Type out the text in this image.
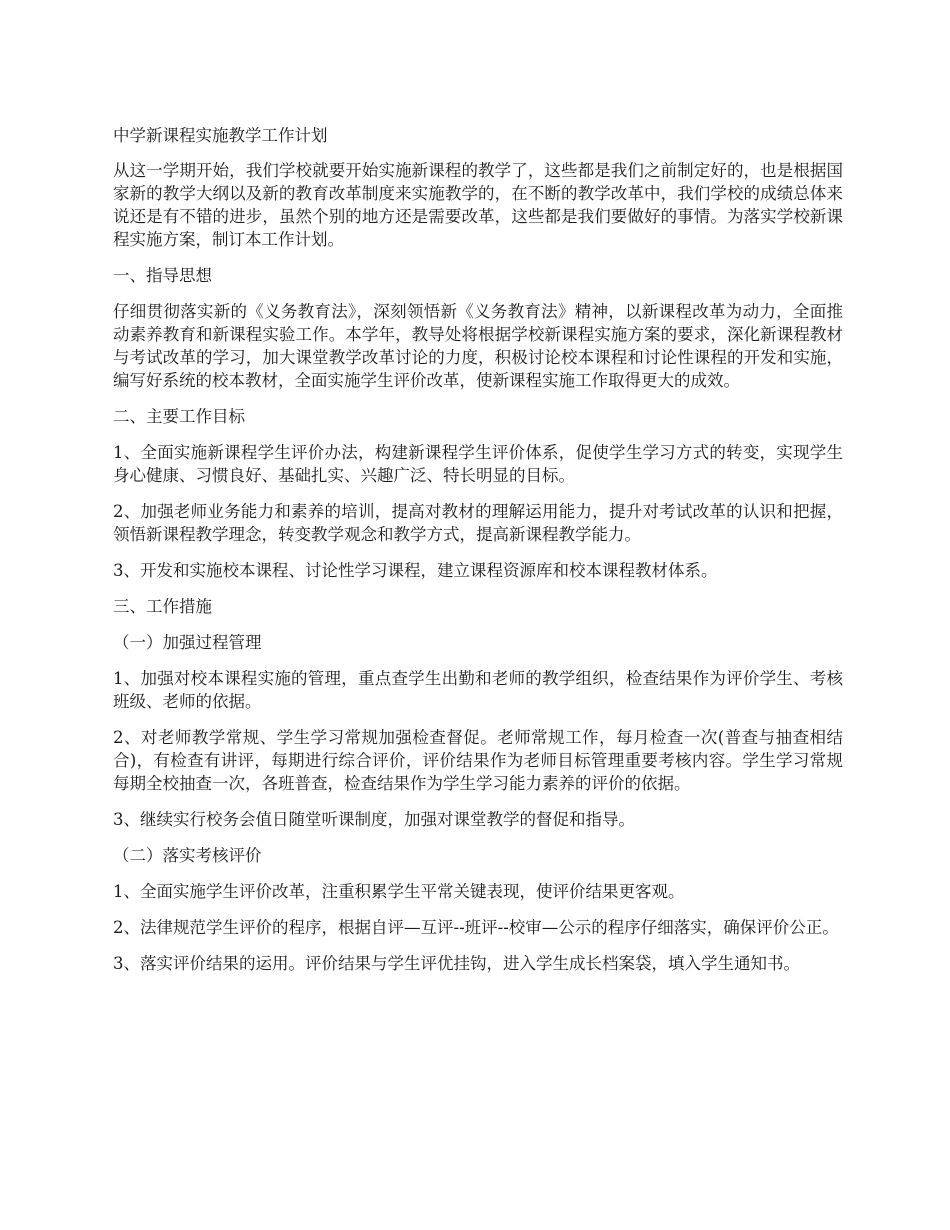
中学新课程实施教学工作计划

从这一学期开始，我们学校就要开始实施新课程的教学了，这些都是我们之前制定好的，也是根据国家新的教学大纲以及新的教育改革制度来实施教学的，在不断的教学改革中，我们学校的成绩总体来说还是有不错的进步，虽然个别的地方还是需要改革，这些都是我们要做好的事情。为落实学校新课程实施方案，制订本工作计划。

一、指导思想

仔细贯彻落实新的《义务教育法》，深刻领悟新《义务教育法》精神，以新课程改革为动力，全面推动素养教育和新课程实验工作。本学年，教导处将根据学校新课程实施方案的要求，深化新课程教材与考试改革的学习，加大课堂教学改革讨论的力度，积极讨论校本课程和讨论性课程的开发和实施，编写好系统的校本教材，全面实施学生评价改革，使新课程实施工作取得更大的成效。

二、主要工作目标

1、全面实施新课程学生评价办法，构建新课程学生评价体系，促使学生学习方式的转变，实现学生身心健康、习惯良好、基础扎实、兴趣广泛、特长明显的目标。

2、加强老师业务能力和素养的培训，提高对教材的理解运用能力，提升对考试改革的认识和把握，领悟新课程教学理念，转变教学观念和教学方式，提高新课程教学能力。

3、开发和实施校本课程、讨论性学习课程，建立课程资源库和校本课程教材体系。

三、工作措施

（一）加强过程管理

1、加强对校本课程实施的管理，重点查学生出勤和老师的教学组织，检查结果作为评价学生、考核班级、老师的依据。

2、对老师教学常规、学生学习常规加强检查督促。老师常规工作，每月检查一次(普查与抽查相结合)，有检查有讲评，每期进行综合评价，评价结果作为老师目标管理重要考核内容。学生学习常规每期全校抽查一次，各班普查，检查结果作为学生学习能力素养的评价的依据。

3、继续实行校务会值日随堂听课制度，加强对课堂教学的督促和指导。

（二）落实考核评价

1、全面实施学生评价改革，注重积累学生平常关键表现，使评价结果更客观。

2、法律规范学生评价的程序，根据自评—互评--班评--校审—公示的程序仔细落实，确保评价公正。

3、落实评价结果的运用。评价结果与学生评优挂钩，进入学生成长档案袋，填入学生通知书。
